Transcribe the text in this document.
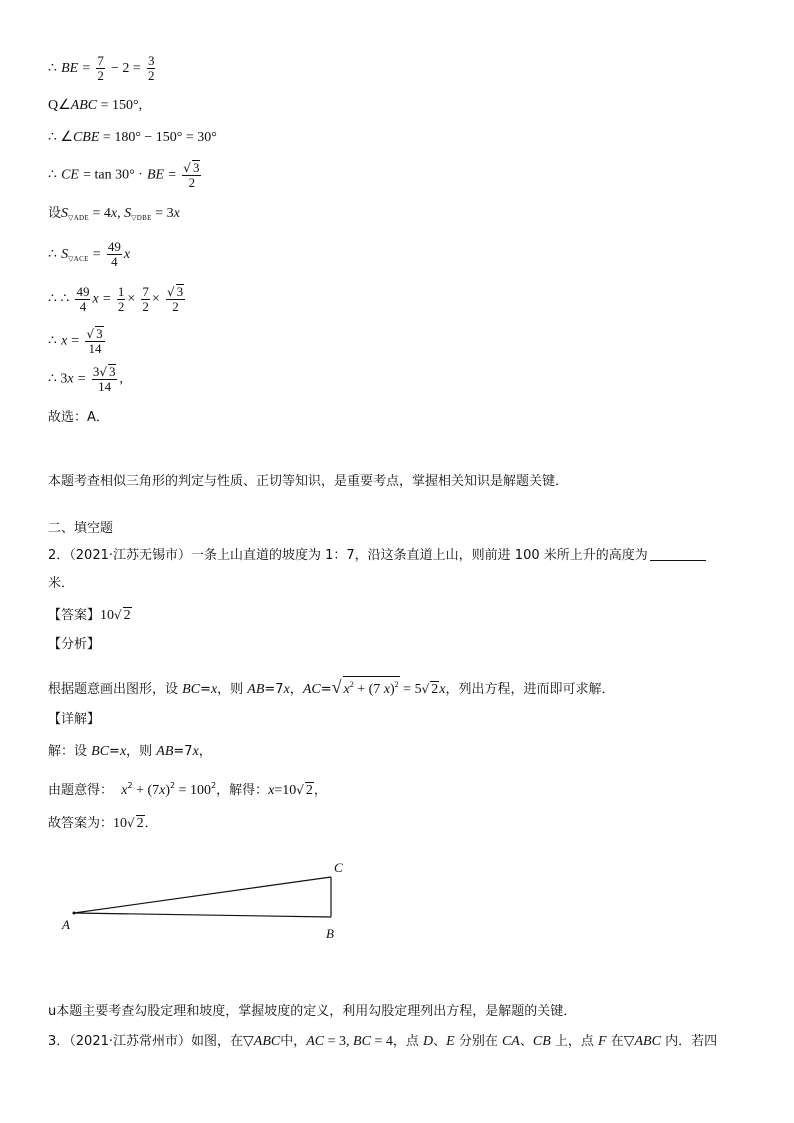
∴ BE = $\frac{7}{2} - 2 = \frac{3}{2}$
Q∠ABC = 150°,
∴ ∠CBE = 180° − 150° = 30°
∴ CE = tan 30° · BE = $\frac{√ 3}{2}$
设$S_{▽ADE} = 4x$, $S_{▽DBE} = 3x$
∴ $S_{▽ACE} = \frac{49}{4}$ x
∴ ∴ $\frac{49}{4}$ $x = \frac{1}{2} \times \frac{7}{2} \times \frac{√ 3}{2}$
∴ $x = \frac{√ 3}{14}$
∴ $3x = \frac{3√ 3}{14}$ ,
故选：A．
本题考查相似三角形的判定与性质、正切等知识，是重要考点，掌握相关知识是解题关键．
二、填空题
2．（2021·江苏无锡市）一条上山直道的坡度为 1：7，沿这条直道上山，则前进 100 米所上升的高度为
米．
【答案】10√ 2
【分析】
根据题意画出图形，设 BC=x，则 AB=7x，AC=√ $x^2 + (7$ x)$^2$ = 5√ 2x，列出方程，进而即可求解．
【详解】
解：设 BC=x，则 AB=7x，
由题意得：  $x^2 + (7x)^2 = 100^2$，解得：x=10√ 2，
故答案为：10√ 2．
A
B
C
u本题主要考查勾股定理和坡度，掌握坡度的定义，利用勾股定理列出方程，是解题的关键．
3．（2021·江苏常州市）如图，在▽ABC中，AC = 3, BC = 4，点 D、E 分别在 CA、CB 上，点 F 在▽ABC 内．若四
